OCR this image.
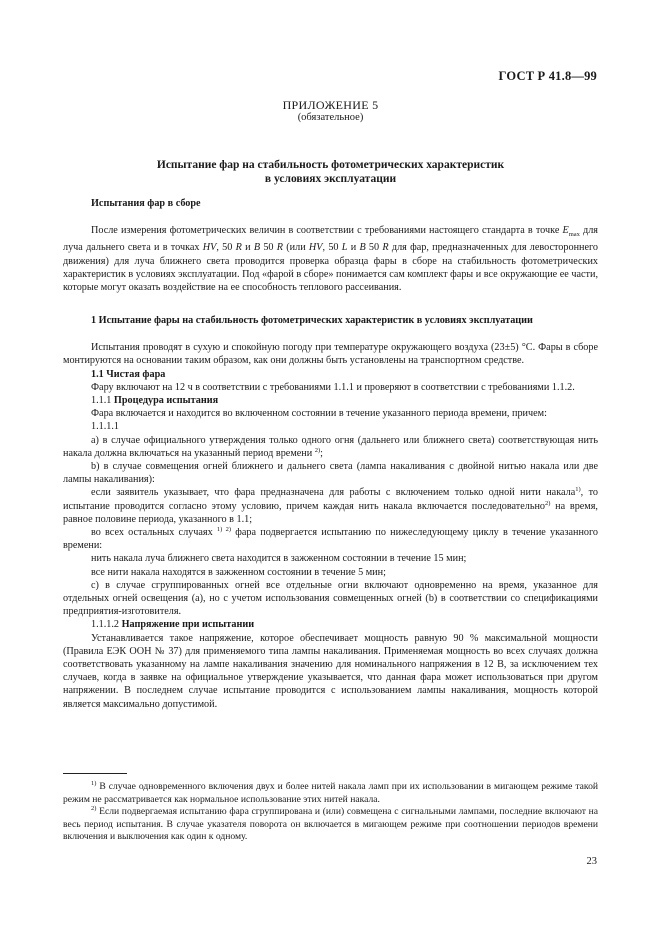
ГОСТ Р 41.8—99
ПРИЛОЖЕНИЕ 5
(обязательное)
Испытание фар на стабильность фотометрических характеристик
в условиях эксплуатации

Испытания фар в сборе

После измерения фотометрических величин в соответствии с требованиями настоящего стандарта в точке $E_{max}$ для луча дальнего света и в точках HV, 50 R и B 50 R (или HV, 50 L и B 50 R для фар, предназначенных для левостороннего движения) для луча ближнего света проводится проверка образца фары в сборе на стабильность фотометрических характеристик в условиях эксплуатации. Под «фарой в сборе» понимается сам комплект фары и все окружающие ее части, которые могут оказать воздействие на ее способность теплового рассеивания.

1 Испытание фары на стабильность фотометрических характеристик в условиях эксплуатации

Испытания проводят в сухую и спокойную погоду при температуре окружающего воздуха (23±5) °С. Фары в сборе монтируются на основании таким образом, как они должны быть установлены на транспортном средстве.

1.1 Чистая фара

Фару включают на 12 ч в соответствии с требованиями 1.1.1 и проверяют в соответствии с требованиями 1.1.2.

1.1.1 Процедура испытания

Фара включается и находится во включенном состоянии в течение указанного периода времени, причем:

1.1.1.1

а) в случае официального утверждения только одного огня (дальнего или ближнего света) соответствующая нить накала должна включаться на указанный период времени $^{2)}$;

b) в случае совмещения огней ближнего и дальнего света (лампа накаливания с двойной нитью накала или две лампы накаливания):

если заявитель указывает, что фара предназначена для работы с включением только одной нити накала$^{1)}$, то испытание проводится согласно этому условию, причем каждая нить накала включается последовательно$^{2)}$ на время, равное половине периода, указанного в 1.1;

во всех остальных случаях $^{1) 2)}$ фара подвергается испытанию по нижеследующему циклу в течение указанного времени:

нить накала луча ближнего света находится в зажженном состоянии в течение 15 мин;

все нити накала находятся в зажженном состоянии в течение 5 мин;

с) в случае сгруппированных огней все отдельные огни включают одновременно на время, указанное для отдельных огней освещения (а), но с учетом использования совмещенных огней (b) в соответствии со спецификациями предприятия-изготовителя.

1.1.1.2 Напряжение при испытании

Устанавливается такое напряжение, которое обеспечивает мощность равную 90 % максимальной мощности (Правила ЕЭК ООН № 37) для применяемого типа лампы накаливания. Применяемая мощность во всех случаях должна соответствовать указанному на лампе накаливания значению для номинального напряжения в 12 В, за исключением тех случаев, когда в заявке на официальное утверждение указывается, что данная фара может использоваться при другом напряжении. В последнем случае испытание проводится с использованием лампы накаливания, мощность которой является максимально допустимой.

$^{1)}$ В случае одновременного включения двух и более нитей накала ламп при их использовании в мигающем режиме такой режим не рассматривается как нормальное использование этих нитей накала.

$^{2)}$ Если подвергаемая испытанию фара сгруппирована и (или) совмещена с сигнальными лампами, последние включают на весь период испытания. В случае указателя поворота он включается в мигающем режиме при соотношении периодов времени включения и выключения как один к одному.

23
